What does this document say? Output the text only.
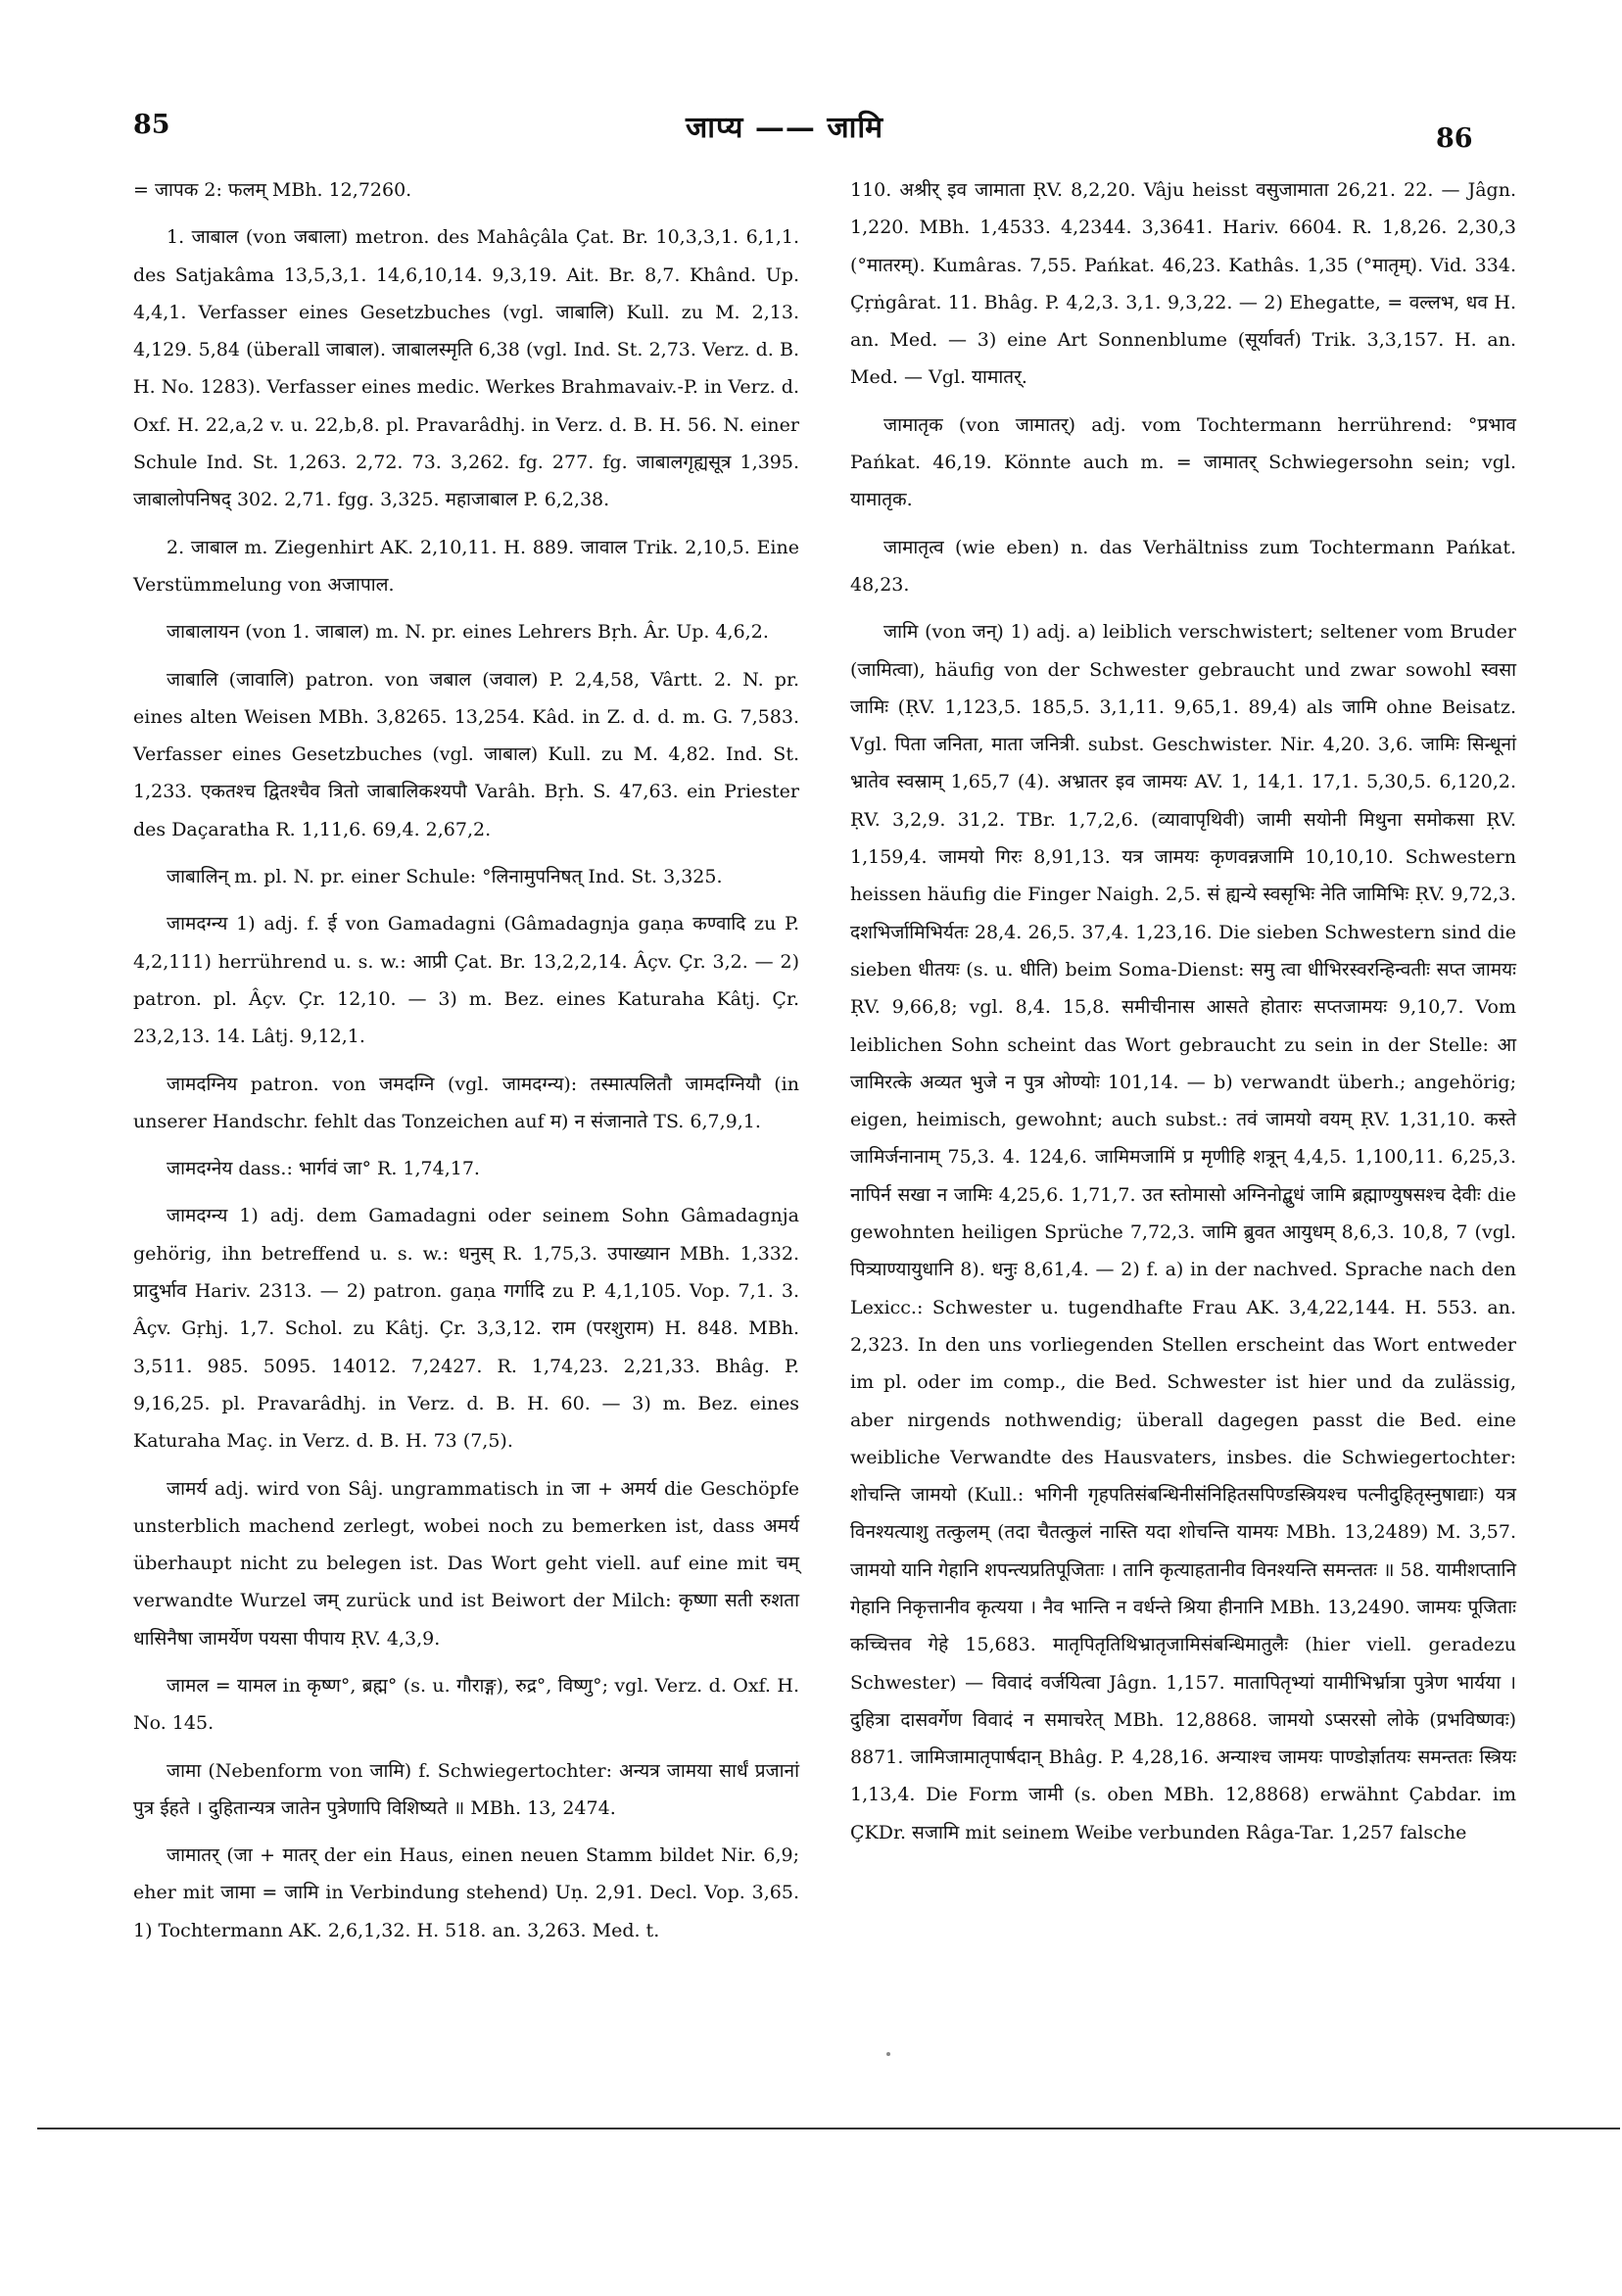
85	जाप्य —— जामि	86

= जापक 2: फलम् MBh. 12,7260.

1. जाबाल (von जबाला) metron. des Mahâçâla Çat. Br. 10,3,3,1. 6,1,1. des Satjakâma 13,5,3,1. 14,6,10,14. 9,3,19. Ait. Br. 8,7. Khând. Up. 4,4,1. Verfasser eines Gesetzbuches (vgl. जाबालि) Kull. zu M. 2,13. 4,129. 5,84 (überall जाबाल). जाबालस्मृति 6,38 (vgl. Ind. St. 2,73. Verz. d. B. H. No. 1283). Verfasser eines medic. Werkes Brahmavaiv.-P. in Verz. d. Oxf. H. 22,a,2 v. u. 22,b,8. pl. Pravarâdhj. in Verz. d. B. H. 56. N. einer Schule Ind. St. 1,263. 2,72. 73. 3,262. fg. 277. fg. जाबालगृह्यसूत्र 1,395. जाबालोपनिषद् 302. 2,71. fgg. 3,325. महाजाबाल P. 6,2,38.

2. जाबाल m. Ziegenhirt AK. 2,10,11. H. 889. जावाल Trik. 2,10,5. Eine Verstümmelung von अजापाल.

जाबालायन (von 1. जाबाल) m. N. pr. eines Lehrers Bṛh. Âr. Up. 4,6,2.

जाबालि (जावालि) patron. von जबाल (जवाल) P. 2,4,58, Vârtt. 2. N. pr. eines alten Weisen MBh. 3,8265. 13,254. Kâd. in Z. d. d. m. G. 7,583. Verfasser eines Gesetzbuches (vgl. जाबाल) Kull. zu M. 4,82. Ind. St. 1,233. एकतश्च द्वितश्चैव त्रितो जाबालिकश्यपौ Varâh. Bṛh. S. 47,63. ein Priester des Daçaratha R. 1,11,6. 69,4. 2,67,2.

जाबालिन् m. pl. N. pr. einer Schule: °लिनामुपनिषत् Ind. St. 3,325.

जामदग्न्य 1) adj. f. ई von Gamadagni (Gâmadagnja gaṇa कण्वादि zu P. 4,2,111) herrührend u. s. w.: आप्री Çat. Br. 13,2,2,14. Âçv. Çr. 3,2. — 2) patron. pl. Âçv. Çr. 12,10. — 3) m. Bez. eines Katuraha Kâtj. Çr. 23,2,13. 14. Lâtj. 9,12,1.

जामदग्निय patron. von जमदग्नि (vgl. जामदग्न्य): तस्मात्पलितौ जामदग्नियौ (in unserer Handschr. fehlt das Tonzeichen auf म) न संजानाते TS. 6,7,9,1.

जामदग्नेय dass.: भार्गवं जा° R. 1,74,17.

जामदग्न्य 1) adj. dem Gamadagni oder seinem Sohn Gâmadagnja gehörig, ihn betreffend u. s. w.: धनुस् R. 1,75,3. उपाख्यान MBh. 1,332. प्रादुर्भाव Hariv. 2313. — 2) patron. gaṇa गर्गादि zu P. 4,1,105. Vop. 7,1. 3. Âçv. Gṛhj. 1,7. Schol. zu Kâtj. Çr. 3,3,12. राम (परशुराम) H. 848. MBh. 3,511. 985. 5095. 14012. 7,2427. R. 1,74,23. 2,21,33. Bhâg. P. 9,16,25. pl. Pravarâdhj. in Verz. d. B. H. 60. — 3) m. Bez. eines Katuraha Maç. in Verz. d. B. H. 73 (7,5).

जामर्य adj. wird von Sâj. ungrammatisch in जा + अमर्य die Geschöpfe unsterblich machend zerlegt, wobei noch zu bemerken ist, dass अमर्य überhaupt nicht zu belegen ist. Das Wort geht viell. auf eine mit चम् verwandte Wurzel जम् zurück und ist Beiwort der Milch: कृष्णा सती रुशता धासिनैषा जामर्येण पयसा पीपाय ṚV. 4,3,9.

जामल = यामल in कृष्ण°, ब्रह्म° (s. u. गौराङ्ग), रुद्र°, विष्णु°; vgl. Verz. d. Oxf. H. No. 145.

जामा (Nebenform von जामि) f. Schwiegertochter: अन्यत्र जामया सार्धं प्रजानां पुत्र ईहते । दुहितान्यत्र जातेन पुत्रेणापि विशिष्यते ॥ MBh. 13, 2474.

जामातर् (जा + मातर् der ein Haus, einen neuen Stamm bildet Nir. 6,9; eher mit जामा = जामि in Verbindung stehend) Uṇ. 2,91. Decl. Vop. 3,65. 1) Tochtermann AK. 2,6,1,32. H. 518. an. 3,263. Med. t.

110. अश्रीर् इव जामाता ṚV. 8,2,20. Vâju heisst वसुजामाता 26,21. 22. — Jâgn. 1,220. MBh. 1,4533. 4,2344. 3,3641. Hariv. 6604. R. 1,8,26. 2,30,3 (°मातरम्). Kumâras. 7,55. Pańkat. 46,23. Kathâs. 1,35 (°मातृम्). Vid. 334. Çṛṅgârat. 11. Bhâg. P. 4,2,3. 3,1. 9,3,22. — 2) Ehegatte, = वल्लभ, धव H. an. Med. — 3) eine Art Sonnenblume (सूर्यावर्त) Trik. 3,3,157. H. an. Med. — Vgl. यामातर्.

जामातृक (von जामातर्) adj. vom Tochtermann herrührend: °प्रभाव Pańkat. 46,19. Könnte auch m. = जामातर् Schwiegersohn sein; vgl. यामातृक.

जामातृत्व (wie eben) n. das Verhältniss zum Tochtermann Pańkat. 48,23.

जामि (von जन्) 1) adj. a) leiblich verschwistert; seltener vom Bruder (जामित्वा), häufig von der Schwester gebraucht und zwar sowohl स्वसा जामिः (ṚV. 1,123,5. 185,5. 3,1,11. 9,65,1. 89,4) als जामि ohne Beisatz. Vgl. पिता जनिता, माता जनित्री. subst. Geschwister. Nir. 4,20. 3,6. जामिः सिन्धूनां भ्रातेव स्वस्राम् 1,65,7 (4). अभ्रातर इव जामयः AV. 1, 14,1. 17,1. 5,30,5. 6,120,2. ṚV. 3,2,9. 31,2. TBr. 1,7,2,6. (व्यावापृथिवी) जामी सयोनी मिथुना समोकसा ṚV. 1,159,4. जामयो गिरः 8,91,13. यत्र जामयः कृणवन्नजामि 10,10,10. Schwestern heissen häufig die Finger Naigh. 2,5. सं ह्यन्ये स्वसृभिः नेति जामिभिः ṚV. 9,72,3. दशभिर्जामिभिर्यतः 28,4. 26,5. 37,4. 1,23,16. Die sieben Schwestern sind die sieben धीतयः (s. u. धीति) beim Soma-Dienst: समु त्वा धीभिरस्वरन्हिन्वतीः सप्त जामयः ṚV. 9,66,8; vgl. 8,4. 15,8. समीचीनास आसते होतारः सप्तजामयः 9,10,7. Vom leiblichen Sohn scheint das Wort gebraucht zu sein in der Stelle: आ जामिरत्के अव्यत भुजे न पुत्र ओण्योः 101,14. — b) verwandt überh.; angehörig; eigen, heimisch, gewohnt; auch subst.: तवं जामयो वयम् ṚV. 1,31,10. कस्ते जामिर्जनानाम् 75,3. 4. 124,6. जामिमजामिं प्र मृणीहि शत्रून् 4,4,5. 1,100,11. 6,25,3. नापिर्न सखा न जामिः 4,25,6. 1,71,7. उत स्तोमासो अग्निनोद्बुधं जामि ब्रह्माण्युषसश्च देवीः die gewohnten heiligen Sprüche 7,72,3. जामि ब्रुवत आयुधम् 8,6,3. 10,8, 7 (vgl. पित्र्याण्यायुधानि 8). धनुः 8,61,4. — 2) f. a) in der nachved. Sprache nach den Lexicc.: Schwester u. tugendhafte Frau AK. 3,4,22,144. H. 553. an. 2,323. In den uns vorliegenden Stellen erscheint das Wort entweder im pl. oder im comp., die Bed. Schwester ist hier und da zulässig, aber nirgends nothwendig; überall dagegen passt die Bed. eine weibliche Verwandte des Hausvaters, insbes. die Schwiegertochter: शोचन्ति जामयो (Kull.: भगिनी गृहपतिसंबन्धिनीसंनिहितसपिण्डस्त्रियश्च पत्नीदुहितृस्नुषाद्याः) यत्र विनश्यत्याशु तत्कुलम् (तदा चैतत्कुलं नास्ति यदा शोचन्ति यामयः MBh. 13,2489) M. 3,57. जामयो यानि गेहानि शपन्त्यप्रतिपूजिताः । तानि कृत्याहतानीव विनश्यन्ति समन्ततः ॥ 58. यामीशप्तानि गेहानि निकृत्तानीव कृत्यया । नैव भान्ति न वर्धन्ते श्रिया हीनानि MBh. 13,2490. जामयः पूजिताः कच्चित्तव गेहे 15,683. मातृपितृतिथिभ्रातृजामिसंबन्धिमातुलैः (hier viell. geradezu Schwester) — विवादं वर्जयित्वा Jâgn. 1,157. मातापितृभ्यां यामीभिर्भ्रात्रा पुत्रेण भार्यया । दुहित्रा दासवर्गेण विवादं न समाचरेत् MBh. 12,8868. जामयो ऽप्सरसो लोके (प्रभविष्णवः) 8871. जामिजामातृपार्षदान् Bhâg. P. 4,28,16. अन्याश्च जामयः पाण्डोर्ज्ञातयः समन्ततः स्त्रियः 1,13,4. Die Form जामी (s. oben MBh. 12,8868) erwähnt Çabdar. im ÇKDr. सजामि mit seinem Weibe verbunden Râga-Tar. 1,257 falsche
